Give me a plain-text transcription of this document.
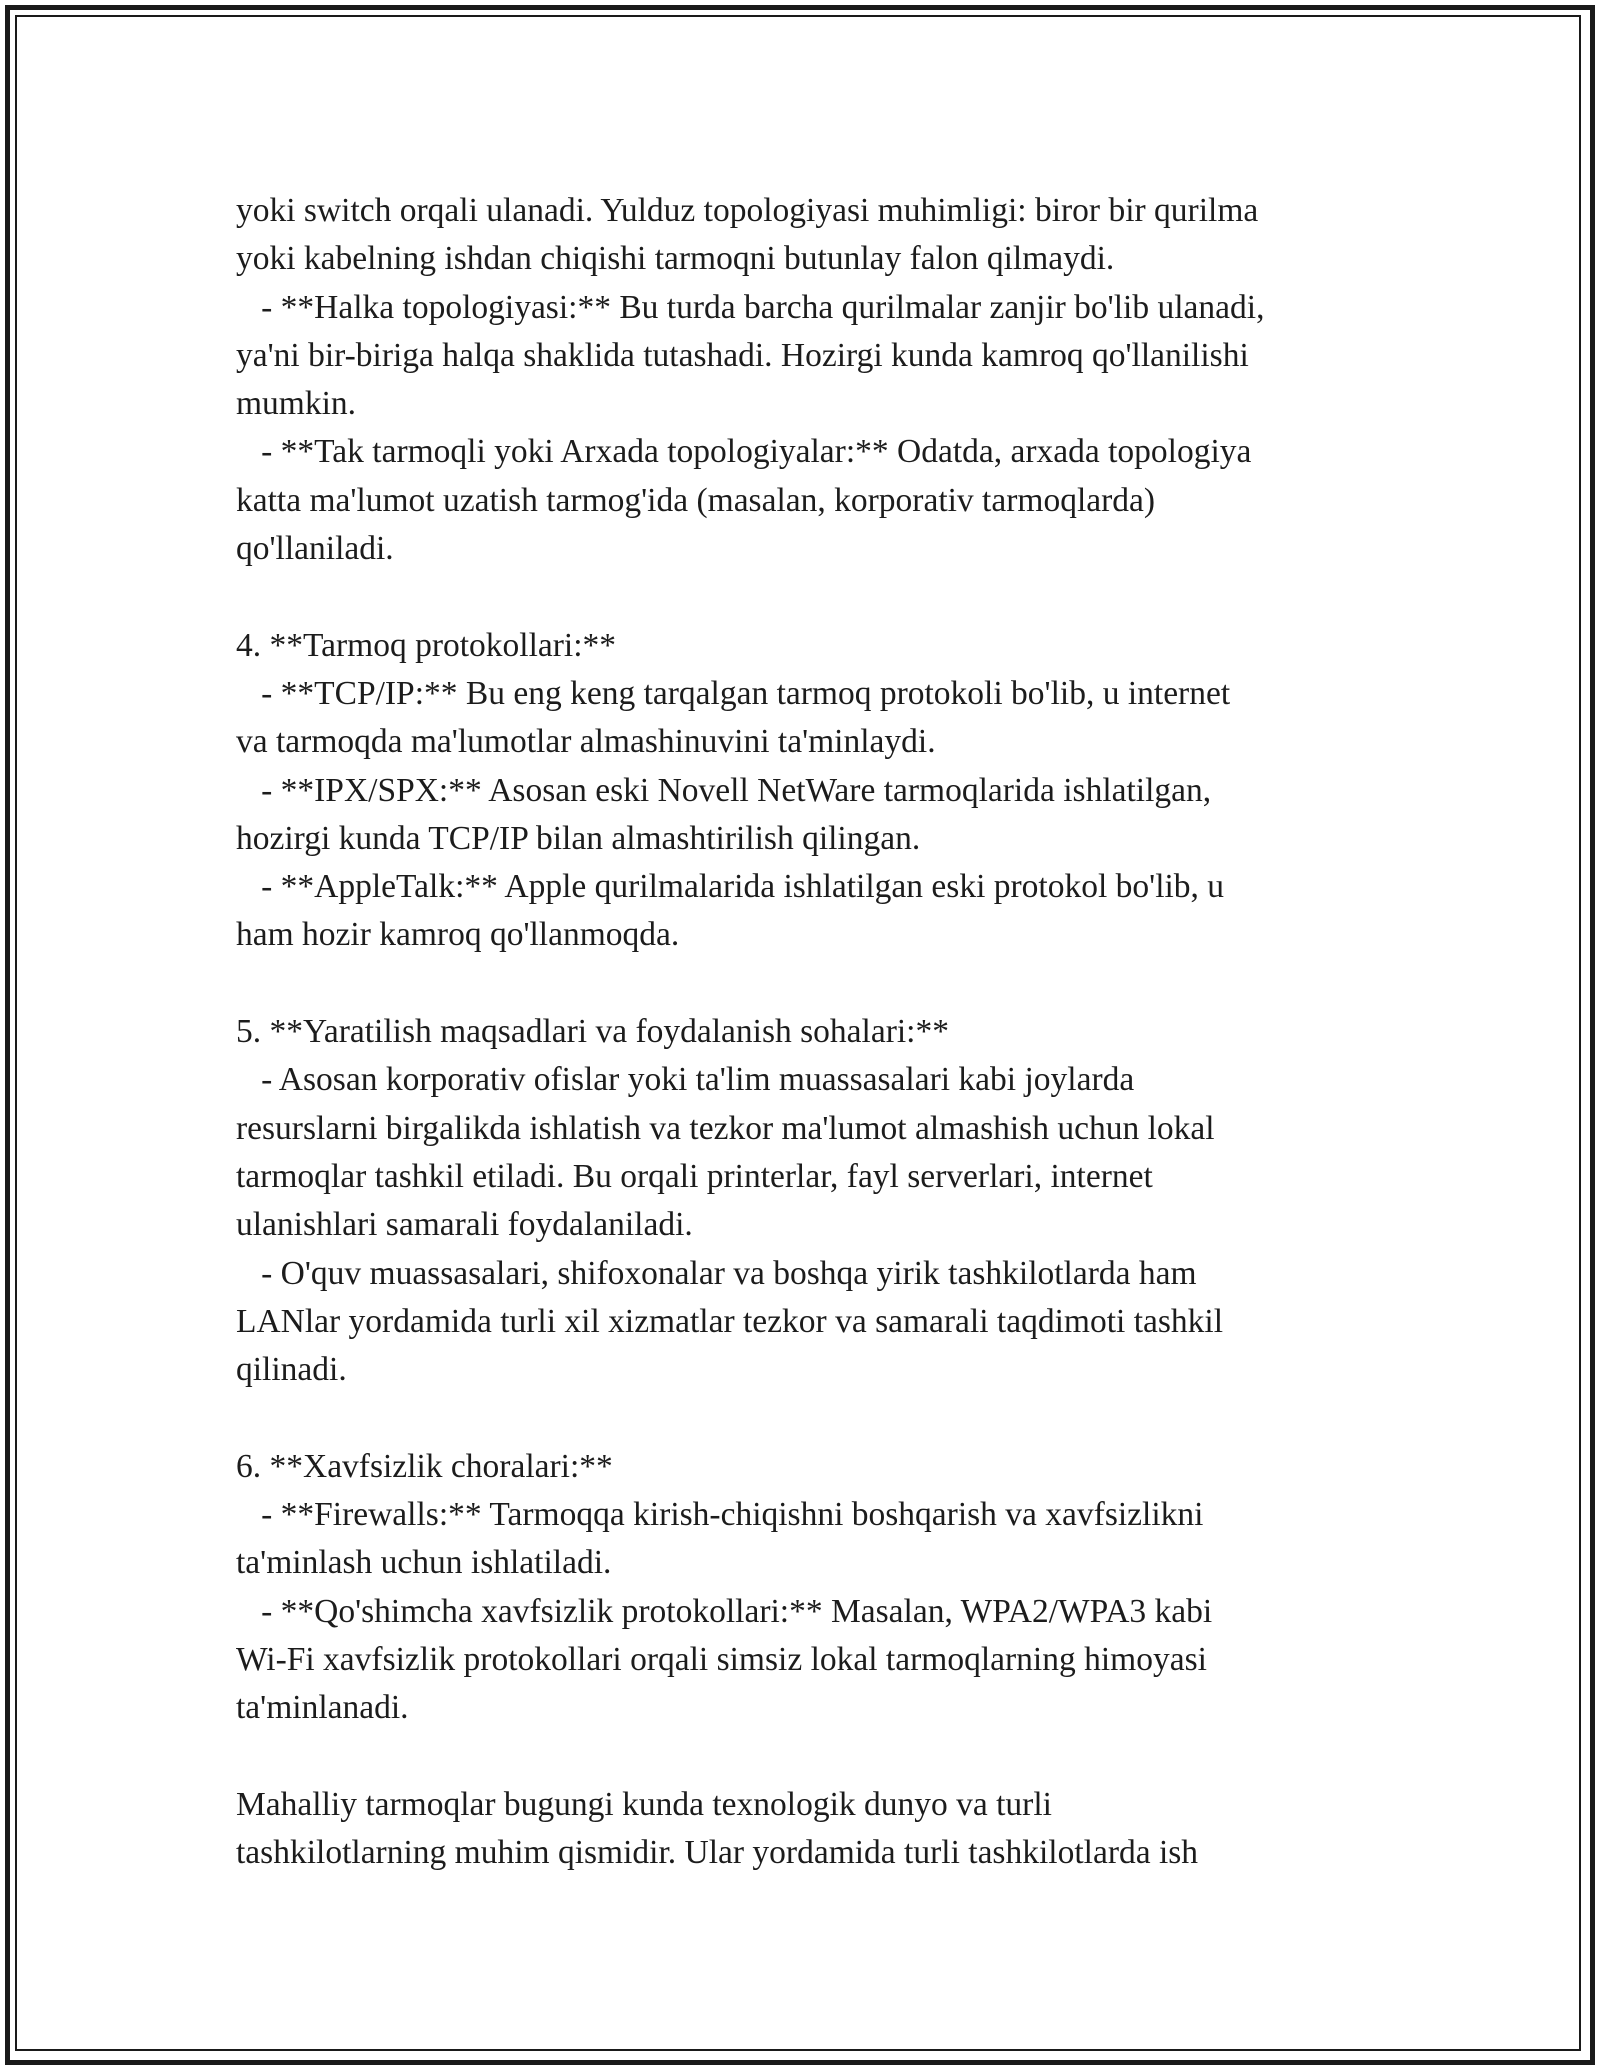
yoki switch orqali ulanadi. Yulduz topologiyasi muhimligi: biror bir qurilma
yoki kabelning ishdan chiqishi tarmoqni butunlay falon qilmaydi.
- **Halka topologiyasi:** Bu turda barcha qurilmalar zanjir bo'lib ulanadi,
ya'ni bir-biriga halqa shaklida tutashadi. Hozirgi kunda kamroq qo'llanilishi
mumkin.
- **Tak tarmoqli yoki Arxada topologiyalar:** Odatda, arxada topologiya
katta ma'lumot uzatish tarmog'ida (masalan, korporativ tarmoqlarda)
qo'llaniladi.
4. **Tarmoq protokollari:**
- **TCP/IP:** Bu eng keng tarqalgan tarmoq protokoli bo'lib, u internet
va tarmoqda ma'lumotlar almashinuvini ta'minlaydi.
- **IPX/SPX:** Asosan eski Novell NetWare tarmoqlarida ishlatilgan,
hozirgi kunda TCP/IP bilan almashtirilish qilingan.
- **AppleTalk:** Apple qurilmalarida ishlatilgan eski protokol bo'lib, u
ham hozir kamroq qo'llanmoqda.
5. **Yaratilish maqsadlari va foydalanish sohalari:**
- Asosan korporativ ofislar yoki ta'lim muassasalari kabi joylarda
resurslarni birgalikda ishlatish va tezkor ma'lumot almashish uchun lokal
tarmoqlar tashkil etiladi. Bu orqali printerlar, fayl serverlari, internet
ulanishlari samarali foydalaniladi.
- O'quv muassasalari, shifoxonalar va boshqa yirik tashkilotlarda ham
LANlar yordamida turli xil xizmatlar tezkor va samarali taqdimoti tashkil
qilinadi.
6. **Xavfsizlik choralari:**
- **Firewalls:** Tarmoqqa kirish-chiqishni boshqarish va xavfsizlikni
ta'minlash uchun ishlatiladi.
- **Qo'shimcha xavfsizlik protokollari:** Masalan, WPA2/WPA3 kabi
Wi-Fi xavfsizlik protokollari orqali simsiz lokal tarmoqlarning himoyasi
ta'minlanadi.
Mahalliy tarmoqlar bugungi kunda texnologik dunyo va turli
tashkilotlarning muhim qismidir. Ular yordamida turli tashkilotlarda ish
